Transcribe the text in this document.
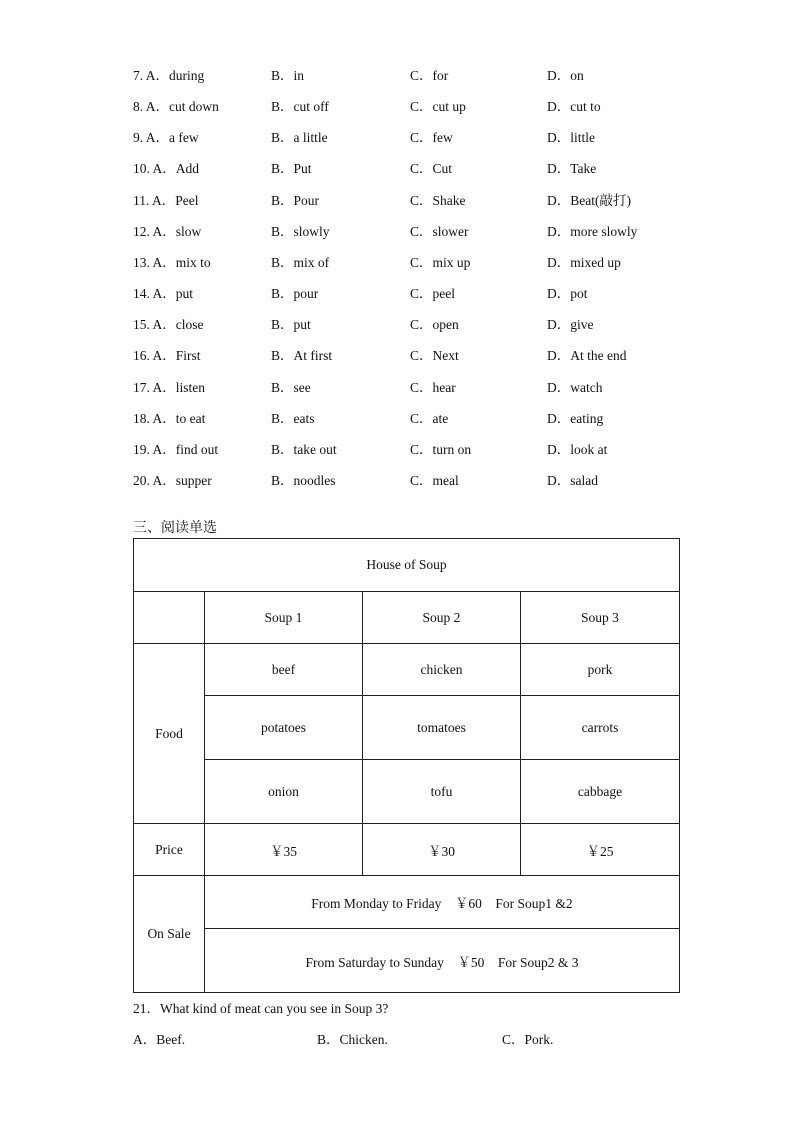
7. A．during	B．in	C．for	D．on
8. A．cut down	B．cut off	C．cut up	D．cut to
9. A．a few	B．a little	C．few	D．little
10. A．Add	B．Put	C．Cut	D．Take
11. A．Peel	B．Pour	C．Shake	D．Beat(敲打)
12. A．slow	B．slowly	C．slower	D．more slowly
13. A．mix to	B．mix of	C．mix up	D．mixed up
14. A．put	B．pour	C．peel	D．pot
15. A．close	B．put	C．open	D．give
16. A．First	B．At first	C．Next	D．At the end
17. A．listen	B．see	C．hear	D．watch
18. A．to eat	B．eats	C．ate	D．eating
19. A．find out	B．take out	C．turn on	D．look at
20. A．supper	B．noodles	C．meal	D．salad
三、阅读单选
House of Soup			
	Soup 1	Soup 2	Soup 3
Food	beef	chicken	pork
	potatoes	tomatoes	carrots
	onion	tofu	cabbage
Price	￥35	￥30	￥25
On Sale	From Monday to Friday　￥60　For Soup1 &2		
	From Saturday to Sunday　￥50　For Soup2 & 3		
21．What kind of meat can you see in Soup 3?
A．Beef.	B．Chicken.	C．Pork.
